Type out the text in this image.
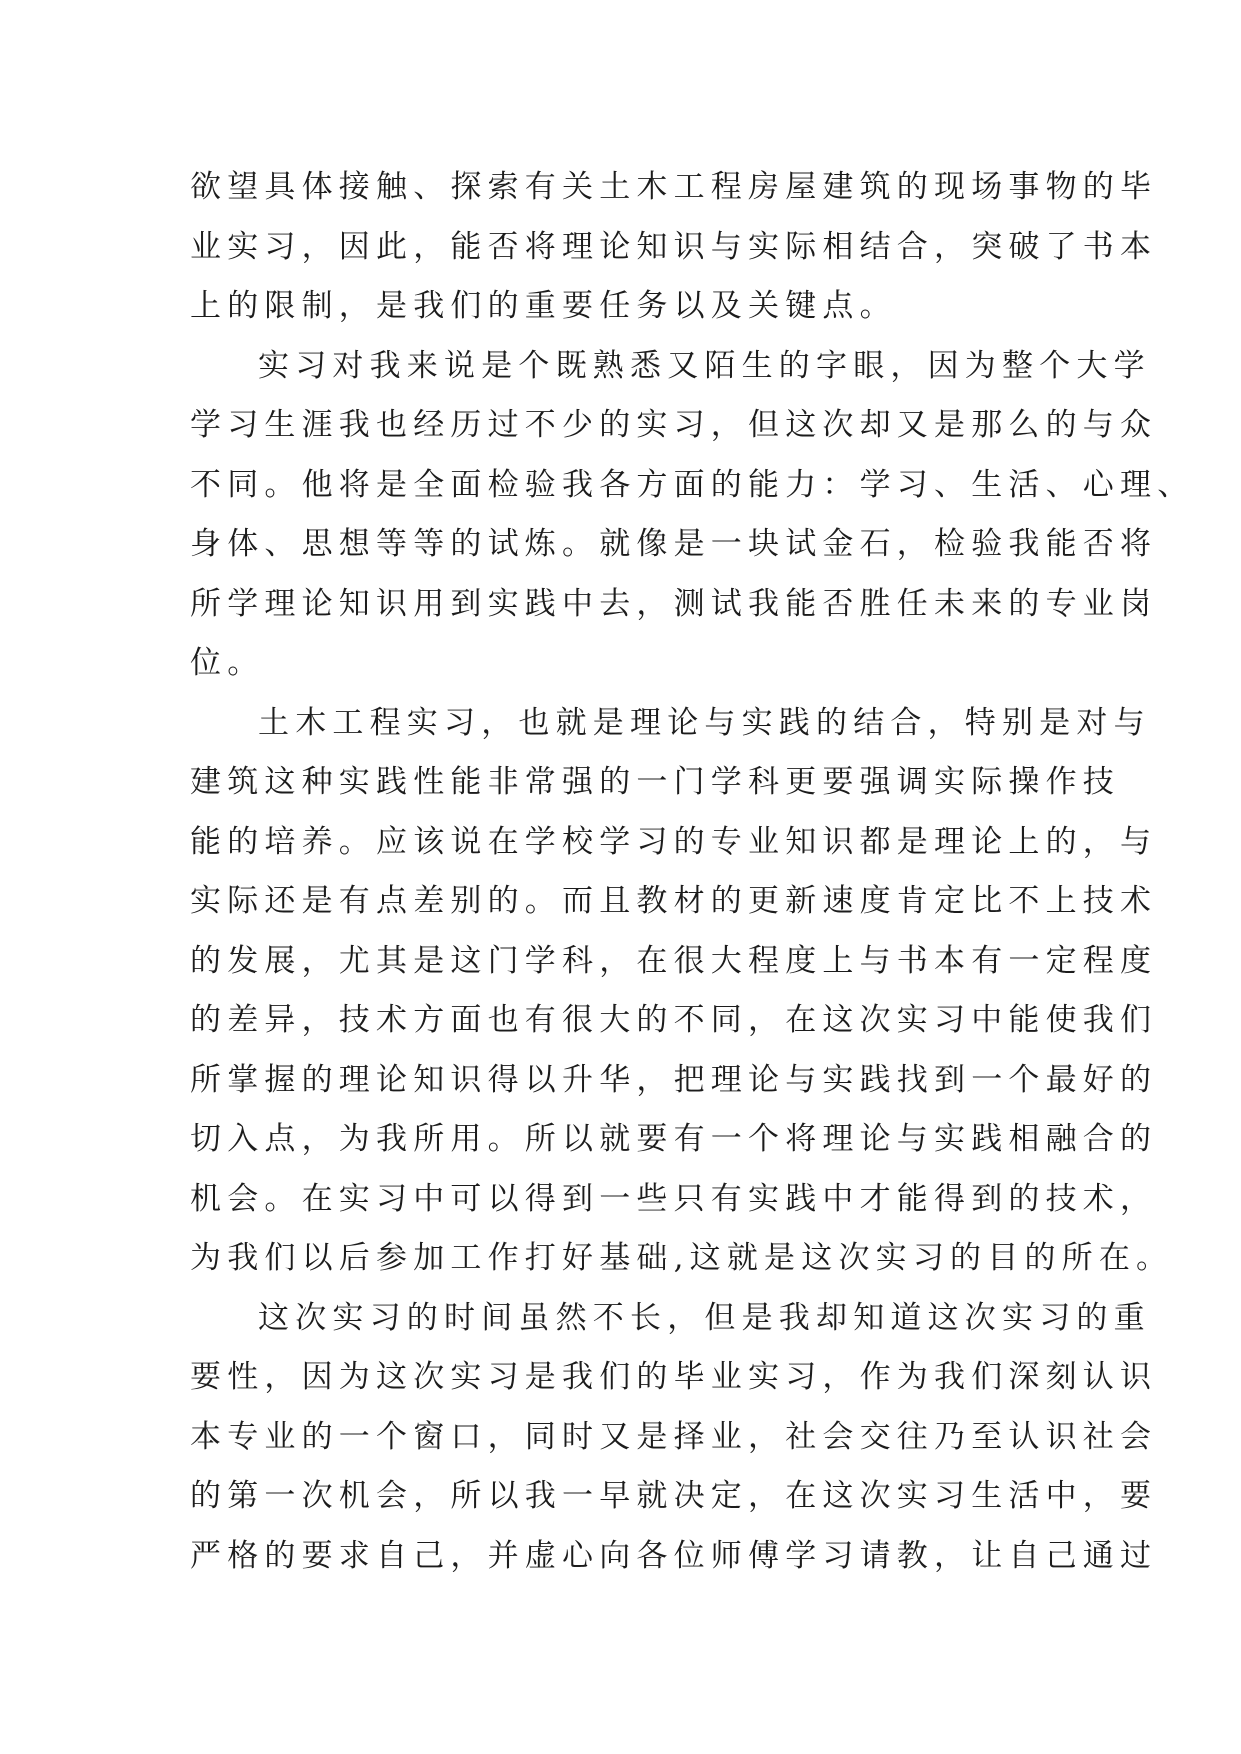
欲望具体接触、探索有关土木工程房屋建筑的现场事物的毕
业实习，因此，能否将理论知识与实际相结合，突破了书本
上的限制，是我们的重要任务以及关键点。
实习对我来说是个既熟悉又陌生的字眼，因为整个大学
学习生涯我也经历过不少的实习，但这次却又是那么的与众
不同。他将是全面检验我各方面的能力：学习、生活、心理、
身体、思想等等的试炼。就像是一块试金石，检验我能否将
所学理论知识用到实践中去，测试我能否胜任未来的专业岗
位。
土木工程实习，也就是理论与实践的结合，特别是对与
建筑这种实践性能非常强的一门学科更要强调实际操作技
能的培养。应该说在学校学习的专业知识都是理论上的，与
实际还是有点差别的。而且教材的更新速度肯定比不上技术
的发展，尤其是这门学科，在很大程度上与书本有一定程度
的差异，技术方面也有很大的不同，在这次实习中能使我们
所掌握的理论知识得以升华，把理论与实践找到一个最好的
切入点，为我所用。所以就要有一个将理论与实践相融合的
机会。在实习中可以得到一些只有实践中才能得到的技术，
为我们以后参加工作打好基础,这就是这次实习的目的所在。
这次实习的时间虽然不长，但是我却知道这次实习的重
要性，因为这次实习是我们的毕业实习，作为我们深刻认识
本专业的一个窗口，同时又是择业，社会交往乃至认识社会
的第一次机会，所以我一早就决定，在这次实习生活中，要
严格的要求自己，并虚心向各位师傅学习请教，让自己通过
